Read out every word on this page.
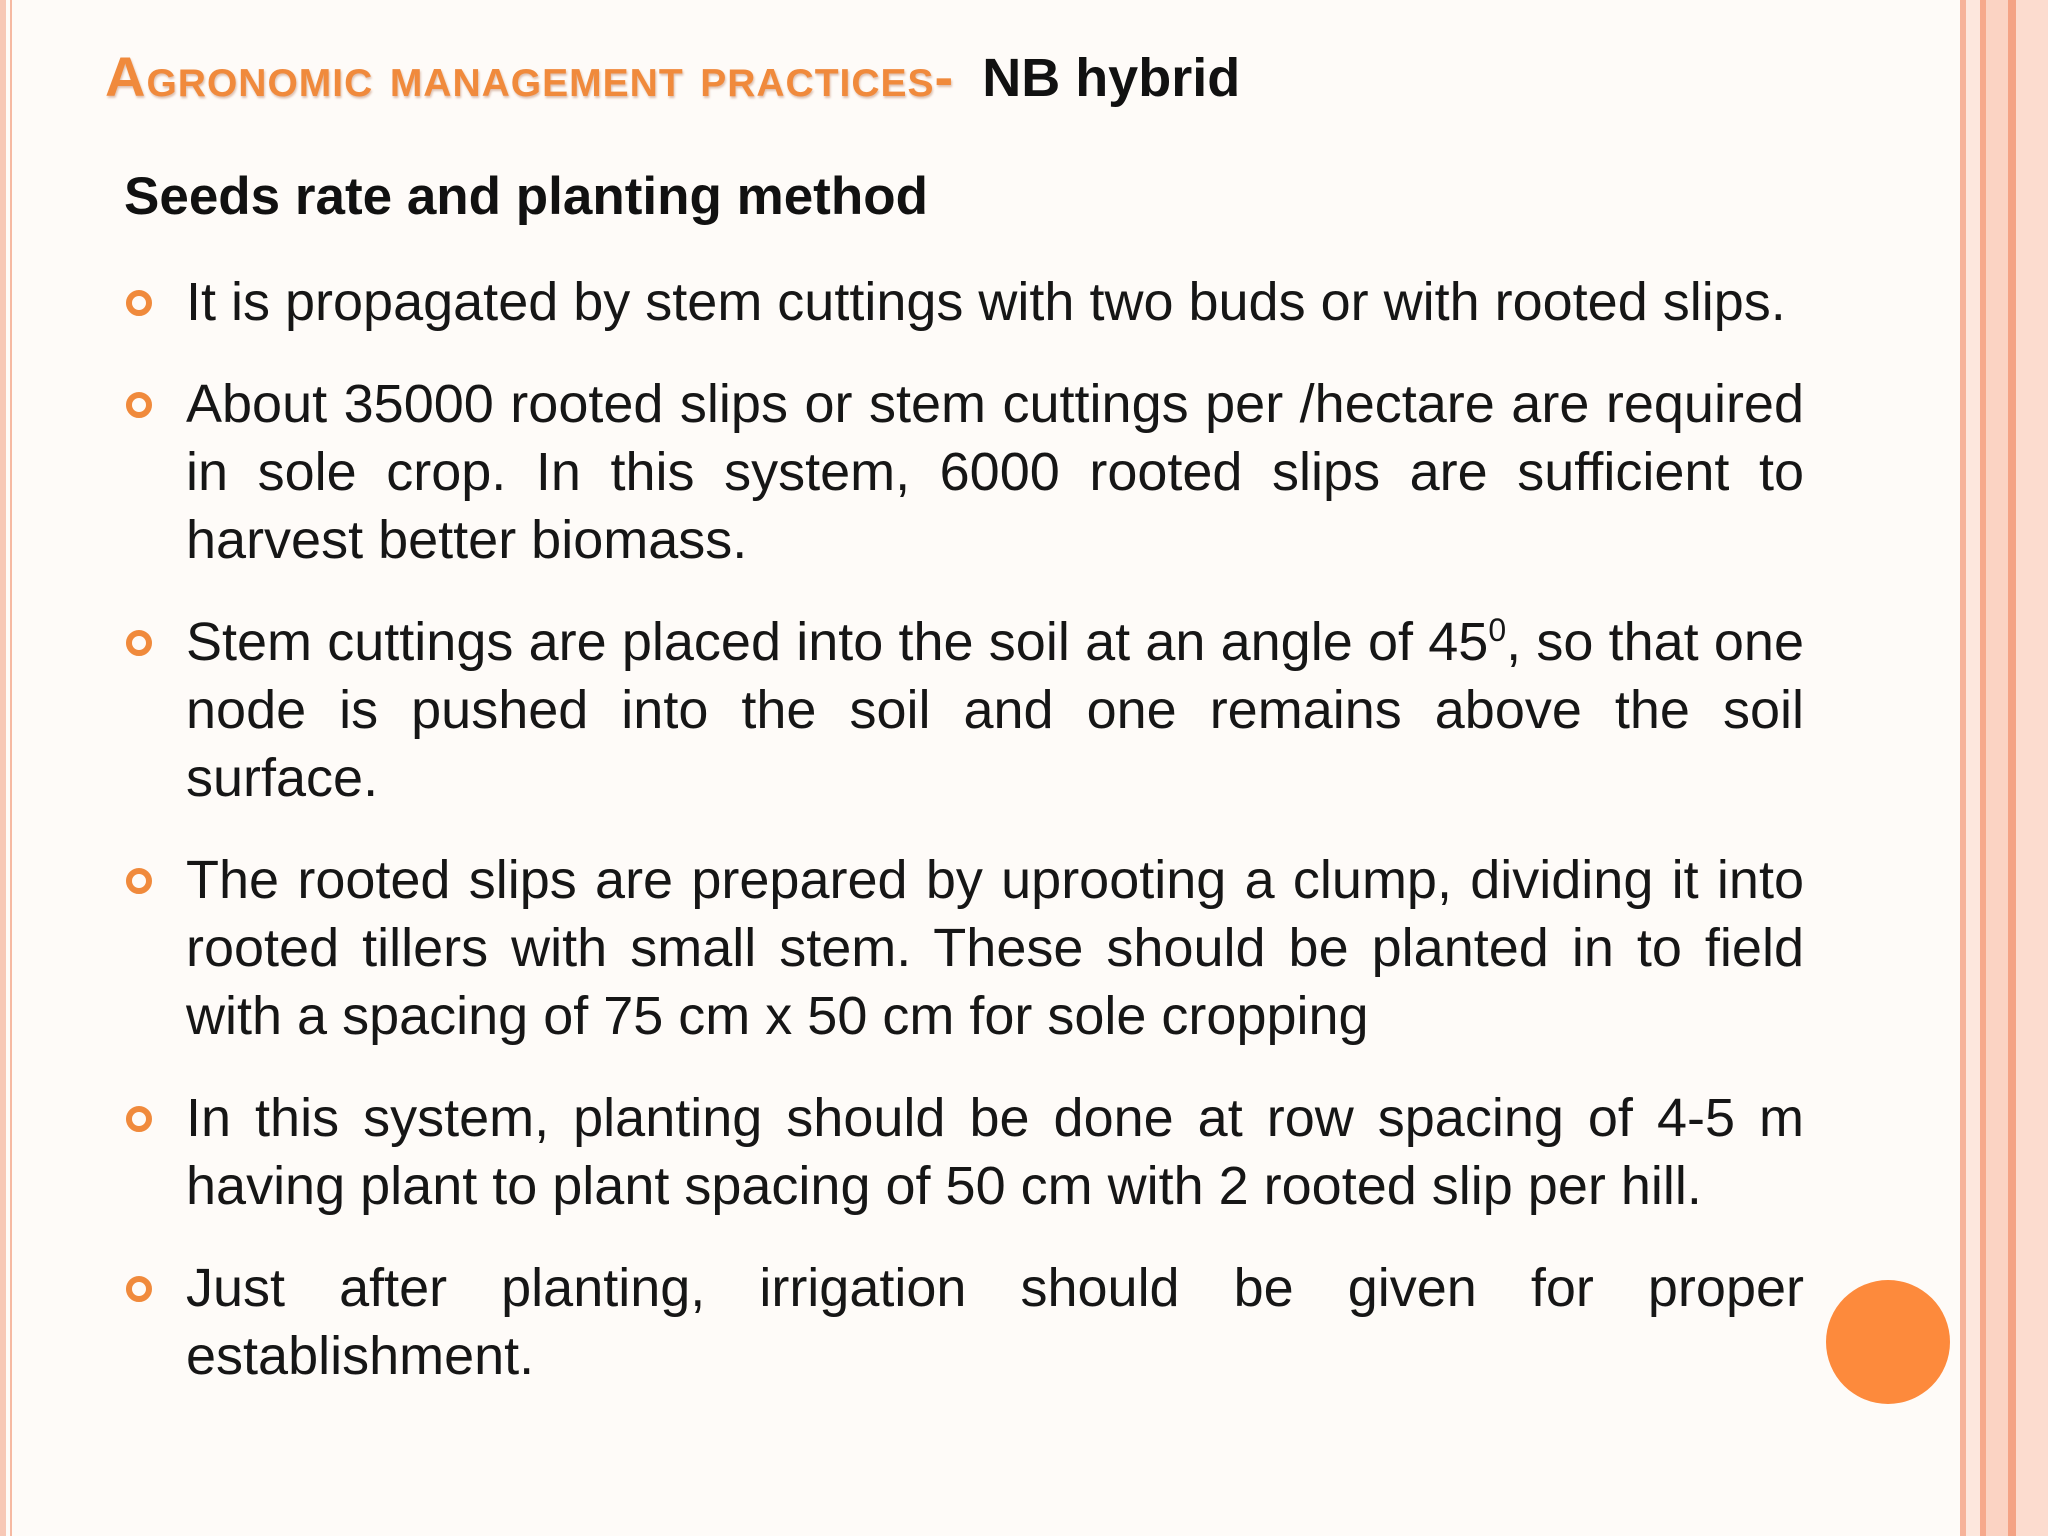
Agronomic management practices- NB hybrid
Seeds rate and planting method
It is propagated by stem cuttings with two buds or with rooted slips.
About 35000 rooted slips or stem cuttings per /hectare are required in sole crop. In this system, 6000 rooted slips are sufficient to harvest better biomass.
Stem cuttings are placed into the soil at an angle of $45^0$, so that one node is pushed into the soil and one remains above the soil surface.
The rooted slips are prepared by uprooting a clump, dividing it into rooted tillers with small stem. These should be planted in to field with a spacing of 75 cm x 50 cm for sole cropping
In this system, planting should be done at row spacing of 4-5 m having plant to plant spacing of 50 cm with 2 rooted slip per hill.
Just after planting, irrigation should be given for proper establishment.
